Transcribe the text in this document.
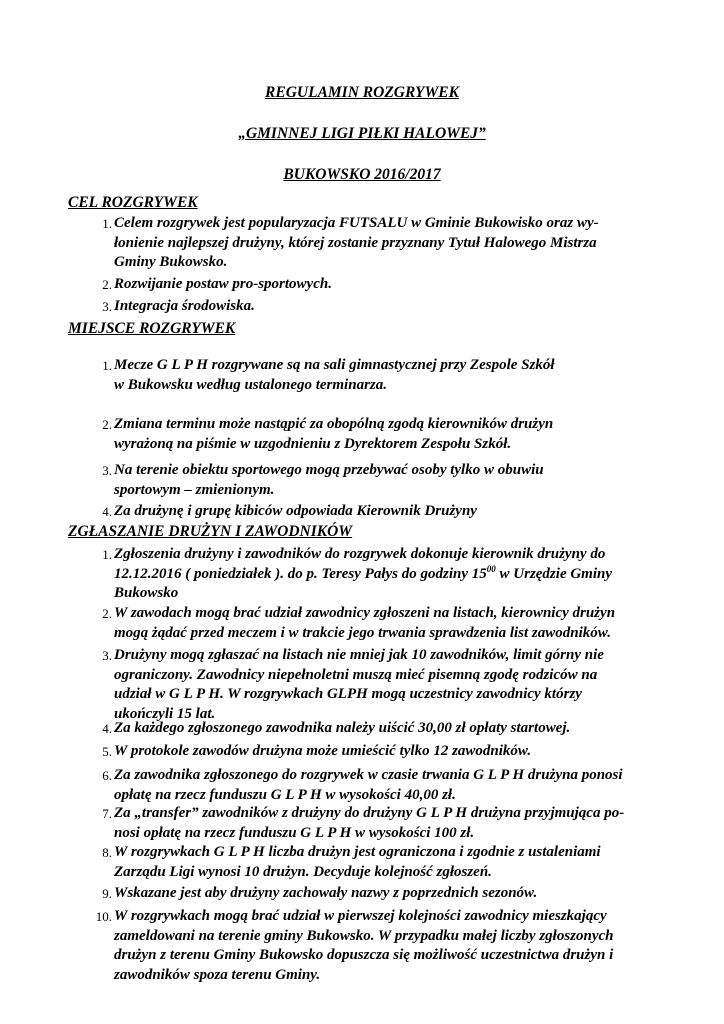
REGULAMIN ROZGRYWEK
„GMINNEJ LIGI PIŁKI HALOWEJ”
BUKOWSKO 2016/2017
CEL ROZGRYWEK
1. Celem rozgrywek jest popularyzacja FUTSALU w Gminie Bukowisko oraz wy-
łonienie najlepszej drużyny, której zostanie przyznany Tytuł Halowego Mistrza
Gminy Bukowsko.
2. Rozwijanie postaw pro-sportowych.
3. Integracja środowiska.
MIEJSCE ROZGRYWEK
1. Mecze G L P H rozgrywane są na sali gimnastycznej przy Zespole Szkół
w Bukowsku według ustalonego terminarza.
2. Zmiana terminu może nastąpić za obopólną zgodą kierowników drużyn
wyrażoną na piśmie w uzgodnieniu z Dyrektorem Zespołu Szkół.
3. Na terenie obiektu sportowego mogą przebywać osoby tylko w obuwiu
sportowym – zmienionym.
4. Za drużynę i grupę kibiców odpowiada Kierownik Drużyny
ZGŁASZANIE DRUŻYN I ZAWODNIKÓW
1. Zgłoszenia drużyny i zawodników do rozgrywek dokonuje kierownik drużyny do
12.12.2016 ( poniedziałek ). do p. Teresy Pałys do godziny $15^{00}$ w Urzędzie Gminy
Bukowsko
2. W zawodach mogą brać udział zawodnicy zgłoszeni na listach, kierownicy drużyn
mogą żądać przed meczem i w trakcie jego trwania sprawdzenia list zawodników.
3. Drużyny mogą zgłaszać na listach nie mniej jak 10 zawodników, limit górny nie
ograniczony. Zawodnicy niepełnoletni muszą mieć pisemną zgodę rodziców na
udział w G L P H. W rozgrywkach GLPH mogą uczestnicy zawodnicy którzy
ukończyli 15 lat.
4. Za każdego zgłoszonego zawodnika należy uiścić 30,00 zł opłaty startowej.
5. W protokole zawodów drużyna może umieścić tylko 12 zawodników.
6. Za zawodnika zgłoszonego do rozgrywek w czasie trwania G L P H drużyna ponosi
opłatę na rzecz funduszu G L P H w wysokości 40,00 zł.
7. Za „transfer” zawodników z drużyny do drużyny G L P H drużyna przyjmująca po-
nosi opłatę na rzecz funduszu G L P H w wysokości 100 zł.
8. W rozgrywkach G L P H liczba drużyn jest ograniczona i zgodnie z ustaleniami
Zarządu Ligi wynosi 10 drużyn. Decyduje kolejność zgłoszeń.
9. Wskazane jest aby drużyny zachowały nazwy z poprzednich sezonów.
10. W rozgrywkach mogą brać udział w pierwszej kolejności zawodnicy mieszkający
zameldowani na terenie gminy Bukowsko. W przypadku małej liczby zgłoszonych
drużyn z terenu Gminy Bukowsko dopuszcza się możliwość uczestnictwa drużyn i
zawodników spoza terenu Gminy.
